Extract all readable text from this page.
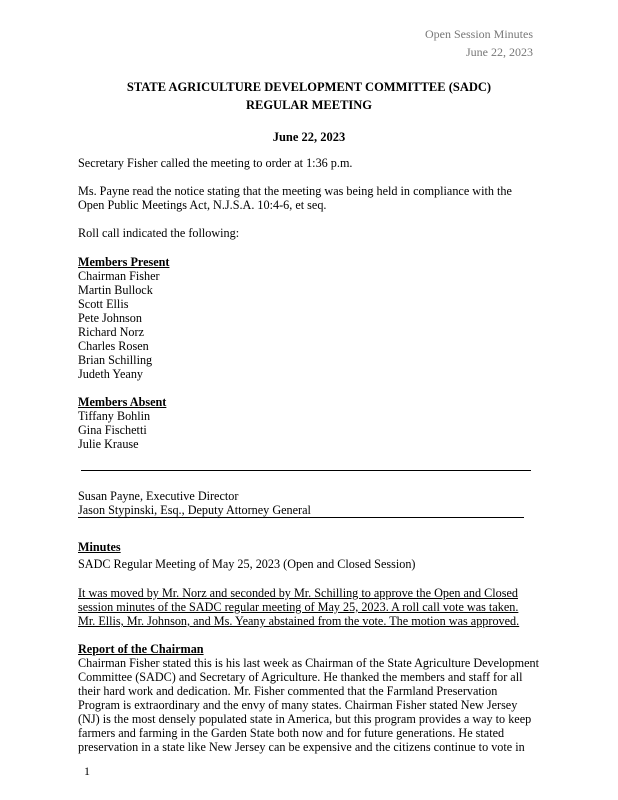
Open Session Minutes
June 22, 2023
STATE AGRICULTURE DEVELOPMENT COMMITTEE (SADC)
REGULAR MEETING
June 22, 2023
Secretary Fisher called the meeting to order at 1:36 p.m.
Ms. Payne read the notice stating that the meeting was being held in compliance with the
Open Public Meetings Act, N.J.S.A. 10:4-6, et seq.
Roll call indicated the following:
Members Present
Chairman Fisher
Martin Bullock
Scott Ellis
Pete Johnson
Richard Norz
Charles Rosen
Brian Schilling
Judeth Yeany
Members Absent
Tiffany Bohlin
Gina Fischetti
Julie Krause
Susan Payne, Executive Director
Jason Stypinski, Esq., Deputy Attorney General
Minutes
SADC Regular Meeting of May 25, 2023 (Open and Closed Session)
It was moved by Mr. Norz and seconded by Mr. Schilling to approve the Open and Closed
session minutes of the SADC regular meeting of May 25, 2023. A roll call vote was taken.
Mr. Ellis, Mr. Johnson, and Ms. Yeany abstained from the vote. The motion was approved.
Report of the Chairman
Chairman Fisher stated this is his last week as Chairman of the State Agriculture Development
Committee (SADC) and Secretary of Agriculture. He thanked the members and staff for all
their hard work and dedication. Mr. Fisher commented that the Farmland Preservation
Program is extraordinary and the envy of many states. Chairman Fisher stated New Jersey
(NJ) is the most densely populated state in America, but this program provides a way to keep
farmers and farming in the Garden State both now and for future generations. He stated
preservation in a state like New Jersey can be expensive and the citizens continue to vote in
1
